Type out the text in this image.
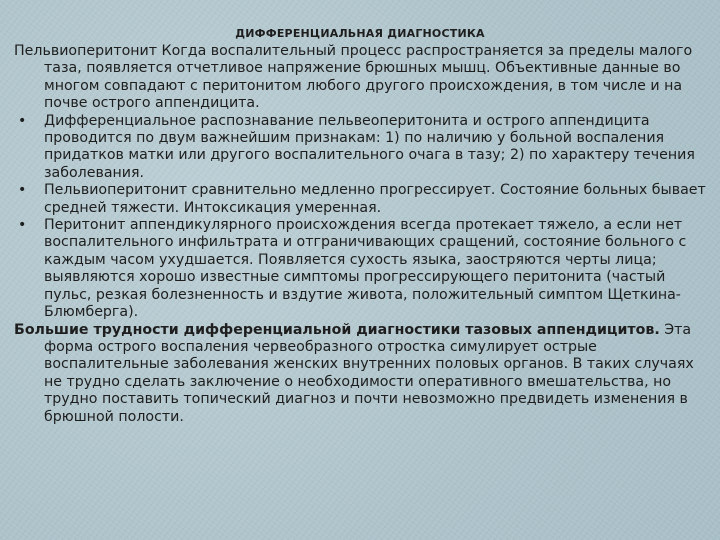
ДИФФЕРЕНЦИАЛЬНАЯ ДИАГНОСТИКА

Пельвиоперитонит Когда воспалительный процесс распространяется за пределы малого таза, появляется отчетливое напряжение брюшных мышц. Объективные данные во многом совпадают с перитонитом любого другого происхождения, в том числе и на почве острого аппендицита.

• Дифференциальное распознавание пельвеоперитонита и острого аппендицита проводится по двум важнейшим признакам: 1) по наличию у больной воспаления придатков матки или другого воспалительного очага в тазу; 2) по характеру течения заболевания.
• Пельвиоперитонит сравнительно медленно прогрессирует. Состояние больных бывает средней тяжести. Интоксикация умеренная.
• Перитонит аппендикулярного происхождения всегда протекает тяжело, а если нет воспалительного инфильтрата и отграничивающих сращений, состояние больного с каждым часом ухудшается. Появляется сухость языка, заостряются черты лица; выявляются хорошо известные симптомы прогрессирующего перитонита (частый пульс, резкая болезненность и вздутие живота, положительный симптом Щеткина-Блюмберга).

Большие трудности дифференциальной диагностики тазовых аппендицитов. Эта форма острого воспаления червеобразного отростка симулирует острые воспалительные заболевания женских внутренних половых органов. В таких случаях не трудно сделать заключение о необходимости оперативного вмешательства, но трудно поставить топический диагноз и почти невозможно предвидеть изменения в брюшной полости.
